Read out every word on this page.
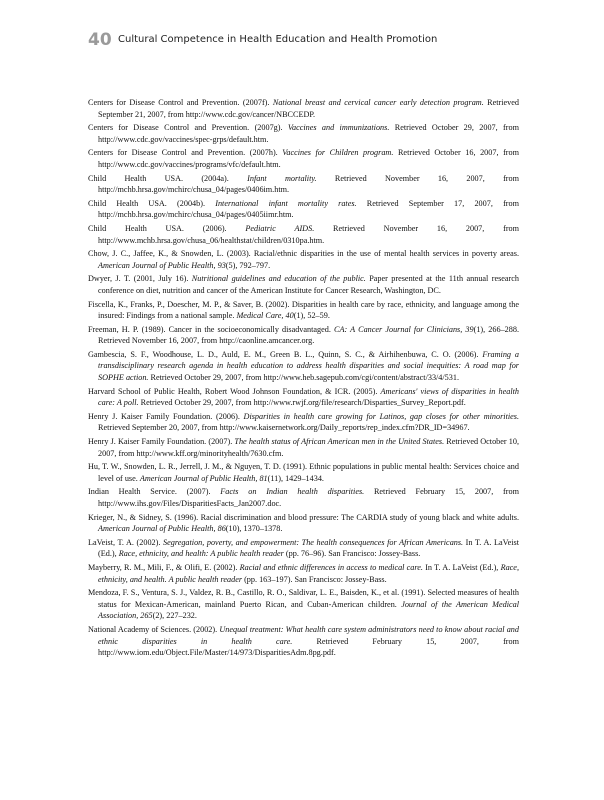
40 Cultural Competence in Health Education and Health Promotion

Centers for Disease Control and Prevention. (2007f). National breast and cervical cancer early detection program. Retrieved September 21, 2007, from http://www.cdc.gov/cancer/NBCCEDP.

Centers for Disease Control and Prevention. (2007g). Vaccines and immunizations. Retrieved October 29, 2007, from http://www.cdc.gov/vaccines/spec-grps/default.htm.

Centers for Disease Control and Prevention. (2007h). Vaccines for Children program. Retrieved October 16, 2007, from http://www.cdc.gov/vaccines/programs/vfc/default.htm.

Child Health USA. (2004a). Infant mortality. Retrieved November 16, 2007, from http://mchb.hrsa.gov/mchirc/chusa_04/pages/0406im.htm.

Child Health USA. (2004b). International infant mortality rates. Retrieved September 17, 2007, from http://mchb.hrsa.gov/mchirc/chusa_04/pages/0405iimr.htm.

Child Health USA. (2006). Pediatric AIDS. Retrieved November 16, 2007, from http://www.mchb.hrsa.gov/chusa_06/healthstat/children/0310pa.htm.

Chow, J. C., Jaffee, K., & Snowden, L. (2003). Racial/ethnic disparities in the use of mental health services in poverty areas. American Journal of Public Health, 93(5), 792–797.

Dwyer, J. T. (2001, July 16). Nutritional guidelines and education of the public. Paper presented at the 11th annual research conference on diet, nutrition and cancer of the American Institute for Cancer Research, Washington, DC.

Fiscella, K., Franks, P., Doescher, M. P., & Saver, B. (2002). Disparities in health care by race, ethnicity, and language among the insured: Findings from a national sample. Medical Care, 40(1), 52–59.

Freeman, H. P. (1989). Cancer in the socioeconomically disadvantaged. CA: A Cancer Journal for Clinicians, 39(1), 266–288. Retrieved November 16, 2007, from http://caonline.amcancer.org.

Gambescia, S. F., Woodhouse, L. D., Auld, E. M., Green B. L., Quinn, S. C., & Airhihenbuwa, C. O. (2006). Framing a transdisciplinary research agenda in health education to address health disparities and social inequities: A road map for SOPHE action. Retrieved October 29, 2007, from http://www.heb.sagepub.com/cgi/content/abstract/33/4/531.

Harvard School of Public Health, Robert Wood Johnson Foundation, & ICR. (2005). Americans' views of disparities in health care: A poll. Retrieved October 29, 2007, from http://www.rwjf.org/file/research/Disparties_Survey_Report.pdf.

Henry J. Kaiser Family Foundation. (2006). Disparities in health care growing for Latinos, gap closes for other minorities. Retrieved September 20, 2007, from http://www.kaisernetwork.org/Daily_reports/rep_index.cfm?DR_ID=34967.

Henry J. Kaiser Family Foundation. (2007). The health status of African American men in the United States. Retrieved October 10, 2007, from http://www.kff.org/minorityhealth/7630.cfm.

Hu, T. W., Snowden, L. R., Jerrell, J. M., & Nguyen, T. D. (1991). Ethnic populations in public mental health: Services choice and level of use. American Journal of Public Health, 81(11), 1429–1434.

Indian Health Service. (2007). Facts on Indian health disparities. Retrieved February 15, 2007, from http://www.ihs.gov/Files/DisparitiesFacts_Jan2007.doc.

Krieger, N., & Sidney, S. (1996). Racial discrimination and blood pressure: The CARDIA study of young black and white adults. American Journal of Public Health, 86(10), 1370–1378.

LaVeist, T. A. (2002). Segregation, poverty, and empowerment: The health consequences for African Americans. In T. A. LaVeist (Ed.), Race, ethnicity, and health: A public health reader (pp. 76–96). San Francisco: Jossey-Bass.

Mayberry, R. M., Mili, F., & Olifi, E. (2002). Racial and ethnic differences in access to medical care. In T. A. LaVeist (Ed.), Race, ethnicity, and health. A public health reader (pp. 163–197). San Francisco: Jossey-Bass.

Mendoza, F. S., Ventura, S. J., Valdez, R. B., Castillo, R. O., Saldivar, L. E., Baisden, K., et al. (1991). Selected measures of health status for Mexican-American, mainland Puerto Rican, and Cuban-American children. Journal of the American Medical Association, 265(2), 227–232.

National Academy of Sciences. (2002). Unequal treatment: What health care system administrators need to know about racial and ethnic disparities in health care. Retrieved February 15, 2007, from http://www.iom.edu/Object.File/Master/14/973/DisparitiesAdm.8pg.pdf.
